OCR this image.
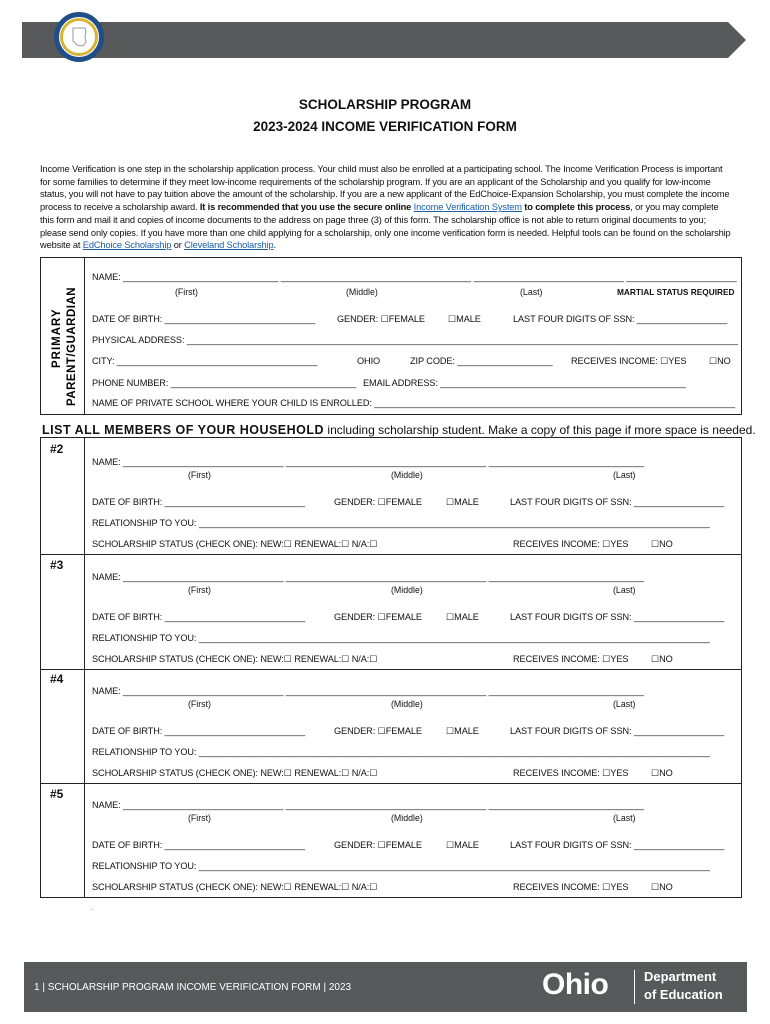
SCHOLARSHIP PROGRAM
2023-2024 INCOME VERIFICATION FORM
Income Verification is one step in the scholarship application process. Your child must also be enrolled at a participating school. The Income Verification Process is important for some families to determine if they meet low-income requirements of the scholarship program. If you are an applicant of the Scholarship and you qualify for low-income status, you will not have to pay tuition above the amount of the scholarship. If you are a new applicant of the EdChoice-Expansion Scholarship, you must complete the income process to receive a scholarship award. It is recommended that you use the secure online Income Verification System to complete this process, or you may complete this form and mail it and copies of income documents to the address on page three (3) of this form. The scholarship office is not able to return original documents to you; please send only copies. If you have more than one child applying for a scholarship, only one income verification form is needed. Helpful tools can be found on the scholarship website at EdChoice Scholarship or Cleveland Scholarship.
PRIMARY PARENT/GUARDIAN
NAME: _______________________________ ______________________________________ ______________________________ ______________________
(First)	(Middle)	(Last)	MARTIAL STATUS REQUIRED
DATE OF BIRTH: ______________________________ GENDER: ☐FEMALE	☐MALE	LAST FOUR DIGITS OF SSN: __________________
PHYSICAL ADDRESS: ______________________________________________________________________________________________________________
CITY: ________________________________________	OHIO	ZIP CODE: ___________________ RECEIVES INCOME: ☐YES ☐NO
PHONE NUMBER: _____________________________________ EMAIL ADDRESS: _________________________________________________
NAME OF PRIVATE SCHOOL WHERE YOUR CHILD IS ENROLLED: ________________________________________________________________________
LIST ALL MEMBERS OF YOUR HOUSEHOLD including scholarship student. Make a copy of this page if more space is needed.
#2
NAME: ________________________________ ________________________________________ _______________________________
(First)	(Middle)	(Last)
DATE OF BIRTH: ____________________________	GENDER: ☐FEMALE	☐MALE	LAST FOUR DIGITS OF SSN: __________________
RELATIONSHIP TO YOU: ______________________________________________________________________________________________________
SCHOLARSHIP STATUS (CHECK ONE): NEW:☐ RENEWAL:☐ N/A:☐	RECEIVES INCOME: ☐YES ☐NO
#3
NAME: ________________________________ ________________________________________ _______________________________
(First)	(Middle)	(Last)
DATE OF BIRTH: ____________________________	GENDER: ☐FEMALE	☐MALE	LAST FOUR DIGITS OF SSN: __________________
RELATIONSHIP TO YOU: ______________________________________________________________________________________________________
SCHOLARSHIP STATUS (CHECK ONE): NEW:☐ RENEWAL:☐ N/A:☐	RECEIVES INCOME: ☐YES ☐NO
#4
NAME: ________________________________ ________________________________________ _______________________________
(First)	(Middle)	(Last)
DATE OF BIRTH: ____________________________	GENDER: ☐FEMALE	☐MALE	LAST FOUR DIGITS OF SSN: __________________
RELATIONSHIP TO YOU: ______________________________________________________________________________________________________
SCHOLARSHIP STATUS (CHECK ONE): NEW:☐ RENEWAL:☐ N/A:☐	RECEIVES INCOME: ☐YES ☐NO
#5
NAME: ________________________________ ________________________________________ _______________________________
(First)	(Middle)	(Last)
DATE OF BIRTH: ____________________________	GENDER: ☐FEMALE	☐MALE	LAST FOUR DIGITS OF SSN: __________________
RELATIONSHIP TO YOU: ______________________________________________________________________________________________________
SCHOLARSHIP STATUS (CHECK ONE): NEW:☐ RENEWAL:☐ N/A:☐	RECEIVES INCOME: ☐YES ☐NO
·
1 | SCHOLARSHIP PROGRAM INCOME VERIFICATION FORM | 2023	Ohio	Department
of Education
